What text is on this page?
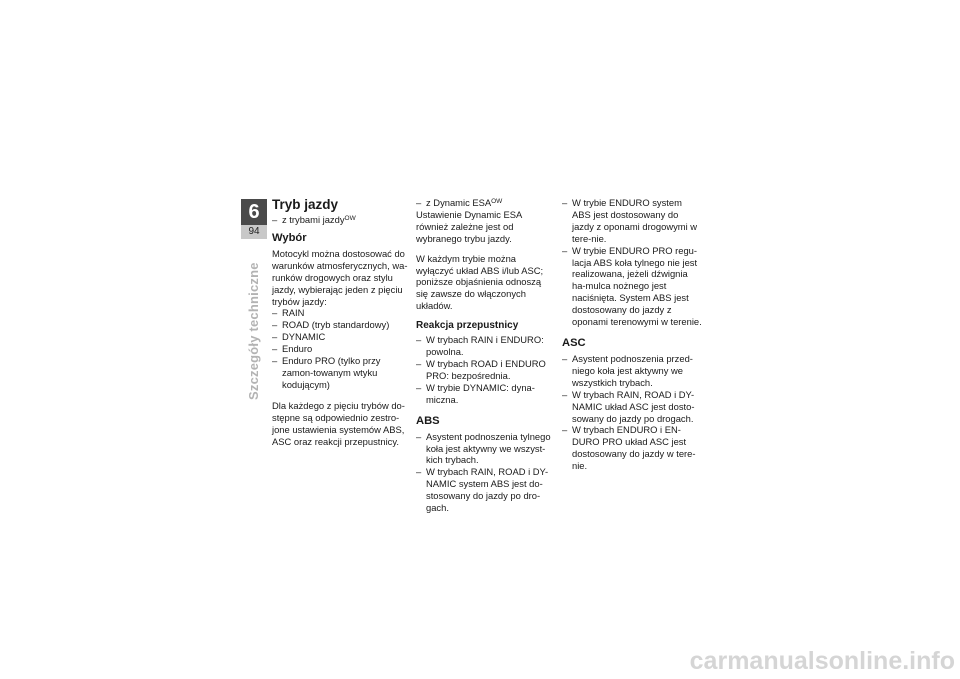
6
94
Szczegóły techniczne
Tryb jazdy
– z trybami jazdy$^{OW}$
Wybór

Motocykl można dostosować do warunków atmosferycznych, wa-runków drogowych oraz stylu jazdy, wybierając jeden z pięciu trybów jazdy:

– RAIN
– ROAD (tryb standardowy)
– DYNAMIC
– Enduro
– Enduro PRO (tylko przy zamon-towanym wtyku kodującym)

Dla każdego z pięciu trybów do-stępne są odpowiednio zestro-jone ustawienia systemów ABS, ASC oraz reakcji przepustnicy.

– z Dynamic $ESA^{OW}$

Ustawienie Dynamic ESA również zależne jest od wybranego trybu jazdy.

W każdym trybie można wyłączyć układ ABS i/lub ASC; poniższe objaśnienia odnoszą się zawsze do włączonych układów.

Reakcja przepustnicy
– W trybach RAIN i ENDURO: powolna.
– W trybach ROAD i ENDURO PRO: bezpośrednia.
– W trybie DYNAMIC: dyna-miczna.
ABS
– Asystent podnoszenia tylnego koła jest aktywny we wszyst-kich trybach.
– W trybach RAIN, ROAD i DY-NAMIC system ABS jest do-stosowany do jazdy po dro-gach.
– W trybie ENDURO system ABS jest dostosowany do jazdy z oponami drogowymi w tere-nie.
– W trybie ENDURO PRO regu-lacja ABS koła tylnego nie jest realizowana, jeżeli dźwignia ha-mulca nożnego jest naciśnięta. System ABS jest dostosowany do jazdy z oponami terenowymi w terenie.
ASC
– Asystent podnoszenia przed-niego koła jest aktywny we wszystkich trybach.
– W trybach RAIN, ROAD i DY-NAMIC układ ASC jest dosto-sowany do jazdy po drogach.
– W trybach ENDURO i EN-DURO PRO układ ASC jest dostosowany do jazdy w tere-nie.
carmanualsonline.info
